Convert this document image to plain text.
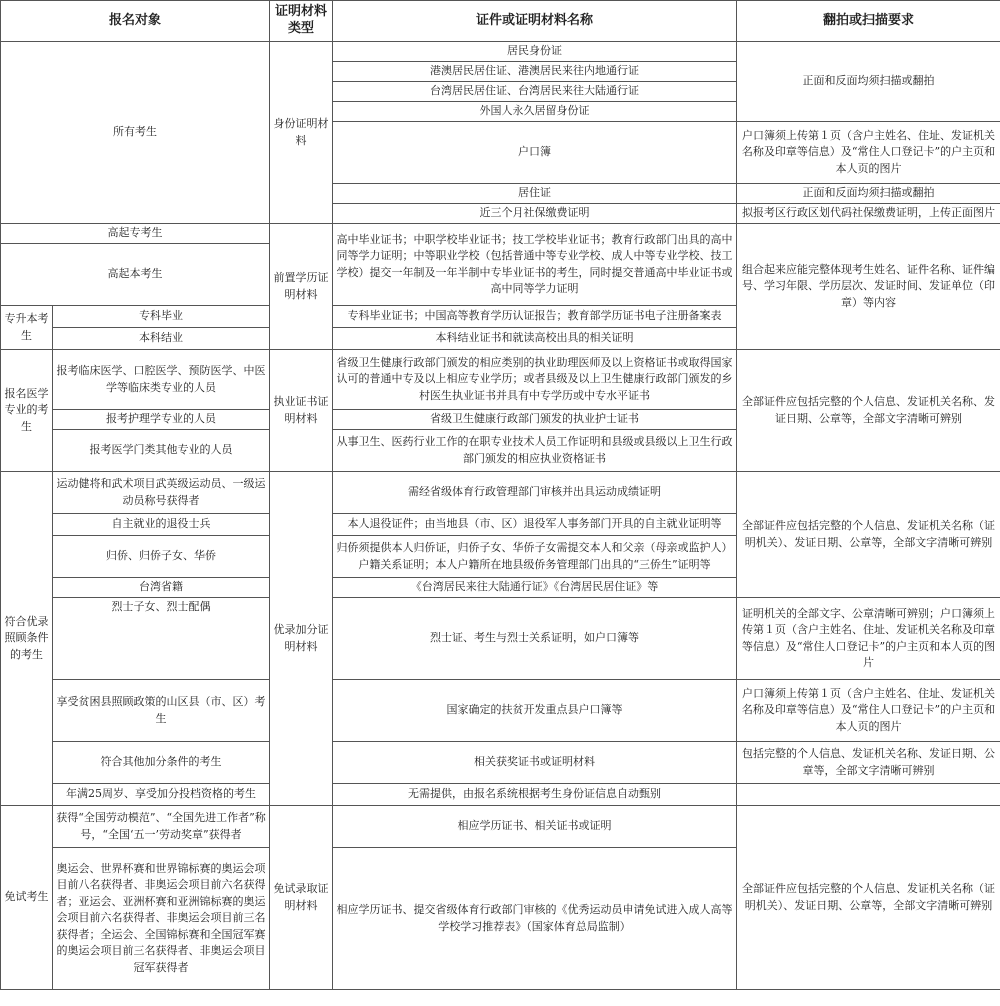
报名对象		证明材料类型	证件或证明材料名称	翻拍或扫描要求
所有考生		身份证明材料	居民身份证	正面和反面均须扫描或翻拍
			港澳居民居住证、港澳居民来往内地通行证	
			台湾居民居住证、台湾居民来往大陆通行证	
			外国人永久居留身份证	
			户口簿	户口簿须上传第１页（含户主姓名、住址、发证机关名称及印章等信息）及“常住人口登记卡”的户主页和本人页的图片
			居住证	正面和反面均须扫描或翻拍
			近三个月社保缴费证明	拟报考区行政区划代码社保缴费证明，上传正面图片
高起专考生		前置学历证明材料	高中毕业证书；中职学校毕业证书；技工学校毕业证书；教育行政部门出具的高中同等学力证明；中等职业学校（包括普通中等专业学校、成人中等专业学校、技工学校）提交一年制及一年半制中专毕业证书的考生，同时提交普通高中毕业证书或高中同等学力证明	组合起来应能完整体现考生姓名、证件名称、证件编号、学习年限、学历层次、发证时间、发证单位（印章）等内容
高起本考生				
专升本考生	专科毕业		专科毕业证书；中国高等教育学历认证报告；教育部学历证书电子注册备案表	
	本科结业		本科结业证书和就读高校出具的相关证明	
报名医学专业的考生	报考临床医学、口腔医学、预防医学、中医学等临床类专业的人员	执业证书证明材料	省级卫生健康行政部门颁发的相应类别的执业助理医师及以上资格证书或取得国家认可的普通中专及以上相应专业学历；或者县级及以上卫生健康行政部门颁发的乡村医生执业证书并具有中专学历或中专水平证书	全部证件应包括完整的个人信息、发证机关名称、发证日期、公章等，全部文字清晰可辨别
	报考护理学专业的人员		省级卫生健康行政部门颁发的执业护士证书	
	报考医学门类其他专业的人员		从事卫生、医药行业工作的在职专业技术人员工作证明和县级或县级以上卫生行政部门颁发的相应执业资格证书	
符合优录照顾条件的考生	运动健将和武术项目武英级运动员、一级运动员称号获得者	优录加分证明材料	需经省级体育行政管理部门审核并出具运动成绩证明	全部证件应包括完整的个人信息、发证机关名称（证明机关）、发证日期、公章等，全部文字清晰可辨别
	自主就业的退役士兵		本人退役证件；由当地县（市、区）退役军人事务部门开具的自主就业证明等	
	归侨、归侨子女、华侨		归侨须提供本人归侨证，归侨子女、华侨子女需提交本人和父亲（母亲或监护人）户籍关系证明；本人户籍所在地县级侨务管理部门出具的“三侨生”证明等	
	台湾省籍		《台湾居民来往大陆通行证》《台湾居民居住证》等	
	烈士子女、烈士配偶		烈士证、考生与烈士关系证明，如户口簿等	证明机关的全部文字、公章清晰可辨别；户口簿须上传第１页（含户主姓名、住址、发证机关名称及印章等信息）及“常住人口登记卡”的户主页和本人页的图片
	享受贫困县照顾政策的山区县（市、区）考生		国家确定的扶贫开发重点县户口簿等	户口簿须上传第１页（含户主姓名、住址、发证机关名称及印章等信息）及“常住人口登记卡”的户主页和本人页的图片
	符合其他加分条件的考生		相关获奖证书或证明材料	包括完整的个人信息、发证机关名称、发证日期、公章等，全部文字清晰可辨别
	年满25周岁、享受加分投档资格的考生		无需提供，由报名系统根据考生身份证信息自动甄别	
免试考生	获得“全国劳动模范”、“全国先进工作者”称号，“全国‘五一’劳动奖章”获得者	免试录取证明材料	相应学历证书、相关证书或证明	全部证件应包括完整的个人信息、发证机关名称（证明机关）、发证日期、公章等，全部文字清晰可辨别
	奥运会、世界杯赛和世界锦标赛的奥运会项目前八名获得者、非奥运会项目前六名获得者；亚运会、亚洲杯赛和亚洲锦标赛的奥运会项目前六名获得者、非奥运会项目前三名获得者；全运会、全国锦标赛和全国冠军赛的奥运会项目前三名获得者、非奥运会项目冠军获得者		相应学历证书、提交省级体育行政部门审核的《优秀运动员申请免试进入成人高等学校学习推荐表》（国家体育总局监制）	
